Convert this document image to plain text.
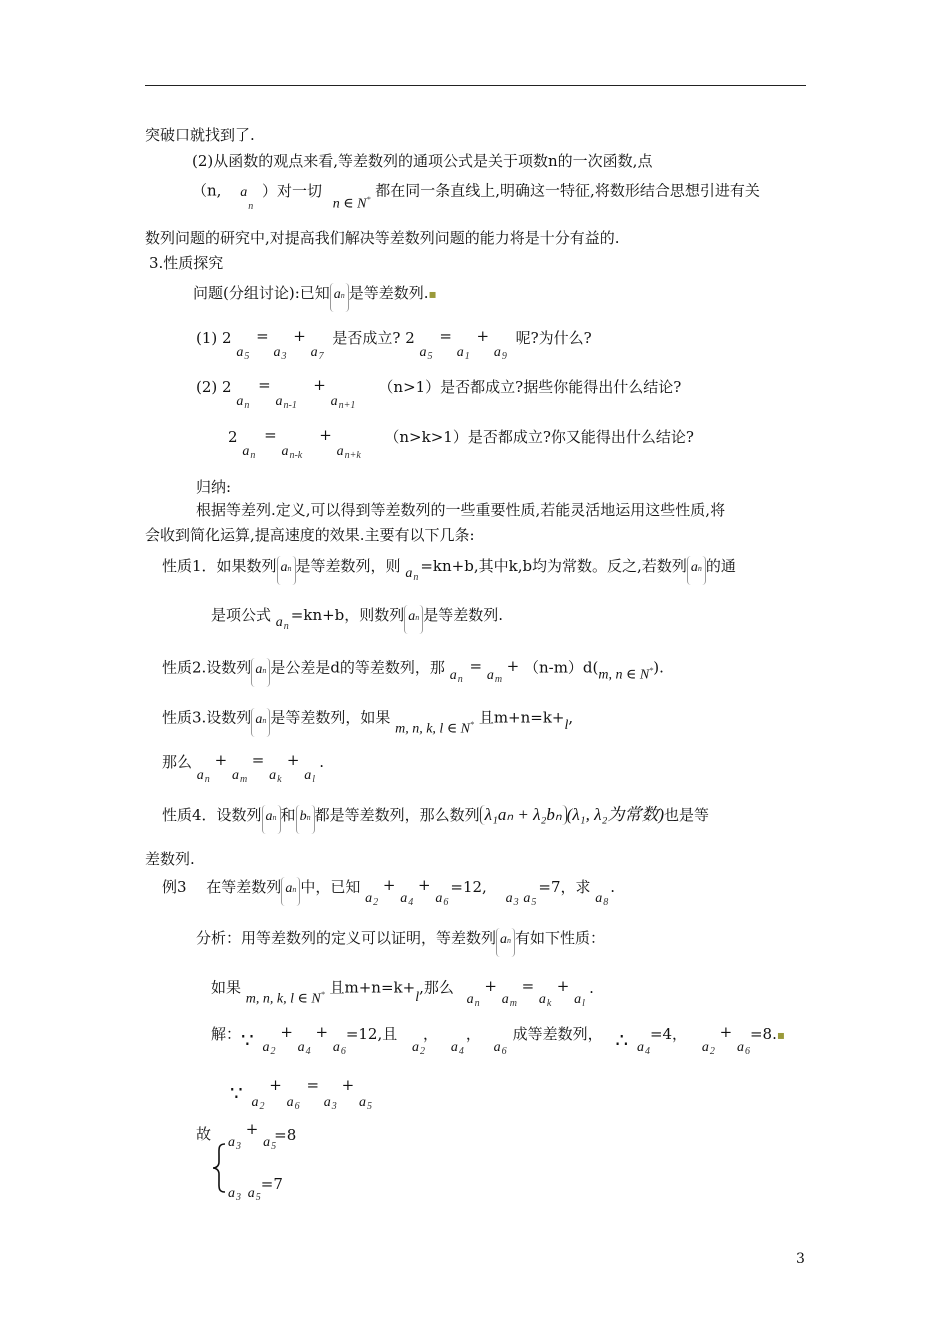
突破口就找到了.
(2)从函数的观点来看,等差数列的通项公式是关于项数n的一次函数,点
（n, a
n
）对一切 n ∈ N* 都在同一条直线上,明确这一特征,将数形结合思想引进有关
数列问题的研究中,对提高我们解决等差数列问题的能力将是十分有益的.
3.性质探究
问题(分组讨论):已知 an 是等差数列.▪
(1) 2 a 5
= a 3
+ a 7
是否成立? 2 a 5
= a 1
+ a 9
呢?为什么?
(2) 2 a n
= a n-1
+ a n+1
（n>1）是否都成立?据些你能得出什么结论?
2 a n
= a n-k
+ a n+k
（n>k>1）是否都成立?你又能得出什么结论?
归纳:
根据等差列.定义,可以得到等差数列的一些重要性质,若能灵活地运用这些性质,将
会收到简化运算,提高速度的效果.主要有以下几条:
性质1．如果数列 an 是等差数列，则 a n
=kn+b,其中k,b均为常数。反之,若数列 an 的通
是项公式 a n
=kn+b，则数列 an 是等差数列.
性质2.设数列 an 是公差是d的等差数列，那 a n
= a m
+ （n-m）d(m, n ∈ N*).
性质3.设数列 an 是等差数列，如果 m, n, k, l ∈ N* 且m+n=k+l,
那么 a n
+ a m
= a k
+ a l
.
性质4．设数列 an 和 bn 都是等差数列，那么数列 λ₁aₙ + λ₂bₙ (λ₁, λ₂为常数)也是等
差数列.
例3　 在等差数列 an 中，已知 a 2
+ a 4
+ a 6
=12, a 3 a 5
=7，求 a 8
.
分析：用等差数列的定义可以证明，等差数列 an 有如下性质：
如果 m, n, k, l ∈ N* 且m+n=k+l,那么 a n
+ a m
= a k
+ a l
.
解：∵ a 2
+ a 4
+ a 6
=12,且 a 2
， a 4
， a 6
成等差数列， ∴ a 4
=4， a 2
+ a 6
=8.▪
∵ a 2
+ a 6
= a 3
+ a 5
故 a 3
+ a 5
=8
a 3 a 5
=7
3
